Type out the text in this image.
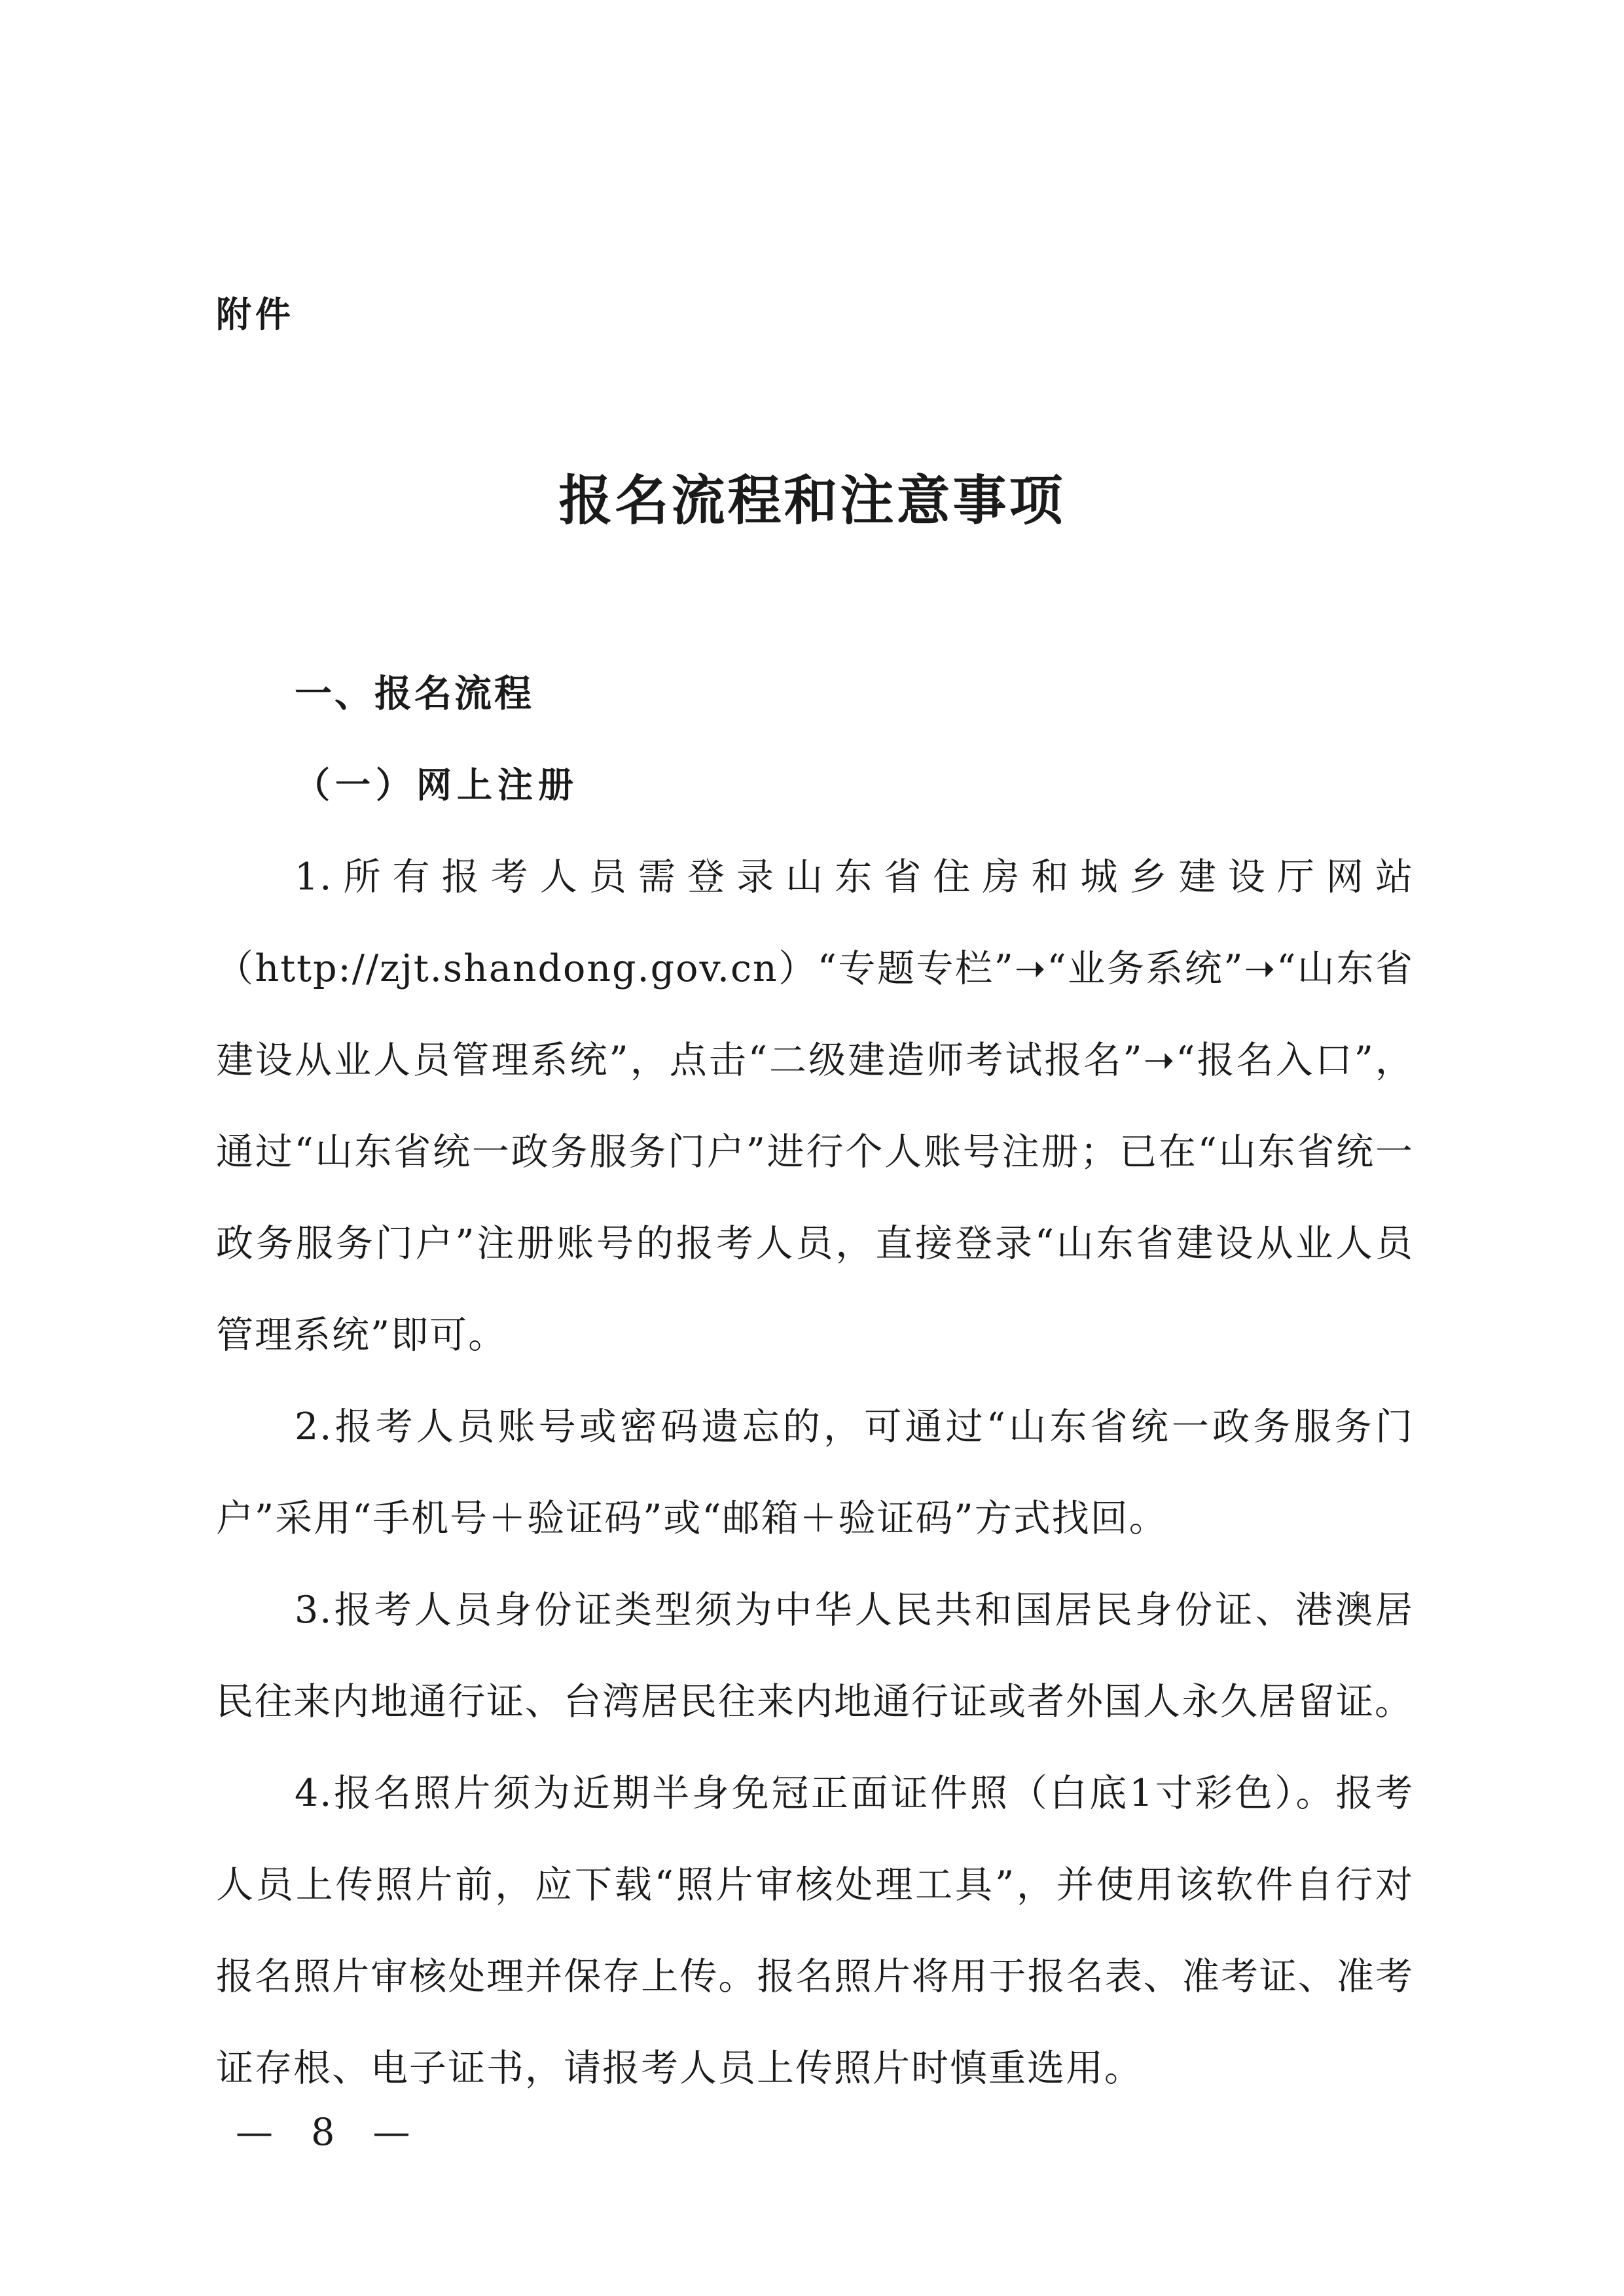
附件
报名流程和注意事项

一、报名流程

（一）网上注册

1.所有报考人员需登录山东省住房和城乡建设厅网站（http://zjt.shandong.gov.cn）“专题专栏”➝“业务系统”➝“山东省建设从业人员管理系统”，点击“二级建造师考试报名”➝“报名入口”，通过“山东省统一政务服务门户”进行个人账号注册；已在“山东省统一政务服务门户”注册账号的报考人员，直接登录“山东省建设从业人员管理系统”即可。

2.报考人员账号或密码遗忘的，可通过“山东省统一政务服务门户”采用“手机号＋验证码”或“邮箱＋验证码”方式找回。

3.报考人员身份证类型须为中华人民共和国居民身份证、港澳居民往来内地通行证、台湾居民往来内地通行证或者外国人永久居留证。

4.报名照片须为近期半身免冠正面证件照（白底1寸彩色）。报考人员上传照片前，应下载“照片审核处理工具”，并使用该软件自行对报名照片审核处理并保存上传。报名照片将用于报名表、准考证、准考证存根、电子证书，请报考人员上传照片时慎重选用。

— 8 —
